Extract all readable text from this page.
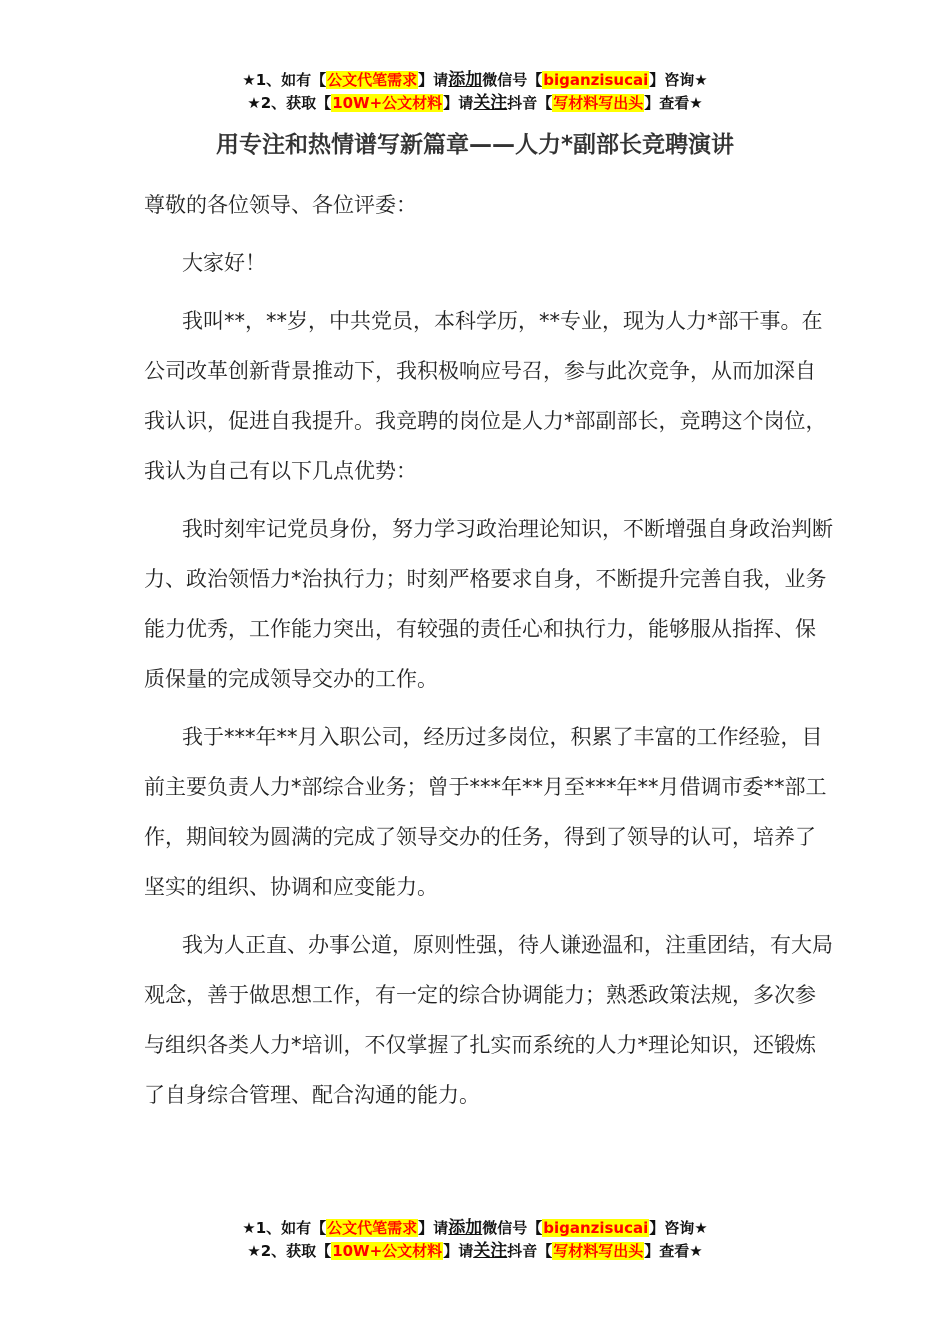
★1、如有【公文代笔需求】请添加微信号【biganzisucai】咨询★
★2、获取【10W+公文材料】请关注抖音【写材料写出头】查看★
用专注和热情谱写新篇章——人力*副部长竞聘演讲

尊敬的各位领导、各位评委：

大家好！

我叫**，**岁，中共党员，本科学历，**专业，现为人力*部干事。在公司改革创新背景推动下，我积极响应号召，参与此次竞争，从而加深自我认识，促进自我提升。我竞聘的岗位是人力*部副部长，竞聘这个岗位，我认为自己有以下几点优势：

我时刻牢记党员身份，努力学习政治理论知识，不断增强自身政治判断力、政治领悟力*治执行力；时刻严格要求自身，不断提升完善自我，业务能力优秀，工作能力突出，有较强的责任心和执行力，能够服从指挥、保质保量的完成领导交办的工作。

我于***年**月入职公司，经历过多岗位，积累了丰富的工作经验，目前主要负责人力*部综合业务；曾于***年**月至***年**月借调市委**部工作，期间较为圆满的完成了领导交办的任务，得到了领导的认可，培养了坚实的组织、协调和应变能力。

我为人正直、办事公道，原则性强，待人谦逊温和，注重团结，有大局观念，善于做思想工作，有一定的综合协调能力；熟悉政策法规，多次参与组织各类人力*培训，不仅掌握了扎实而系统的人力*理论知识，还锻炼了自身综合管理、配合沟通的能力。

★1、如有【公文代笔需求】请添加微信号【biganzisucai】咨询★
★2、获取【10W+公文材料】请关注抖音【写材料写出头】查看★
